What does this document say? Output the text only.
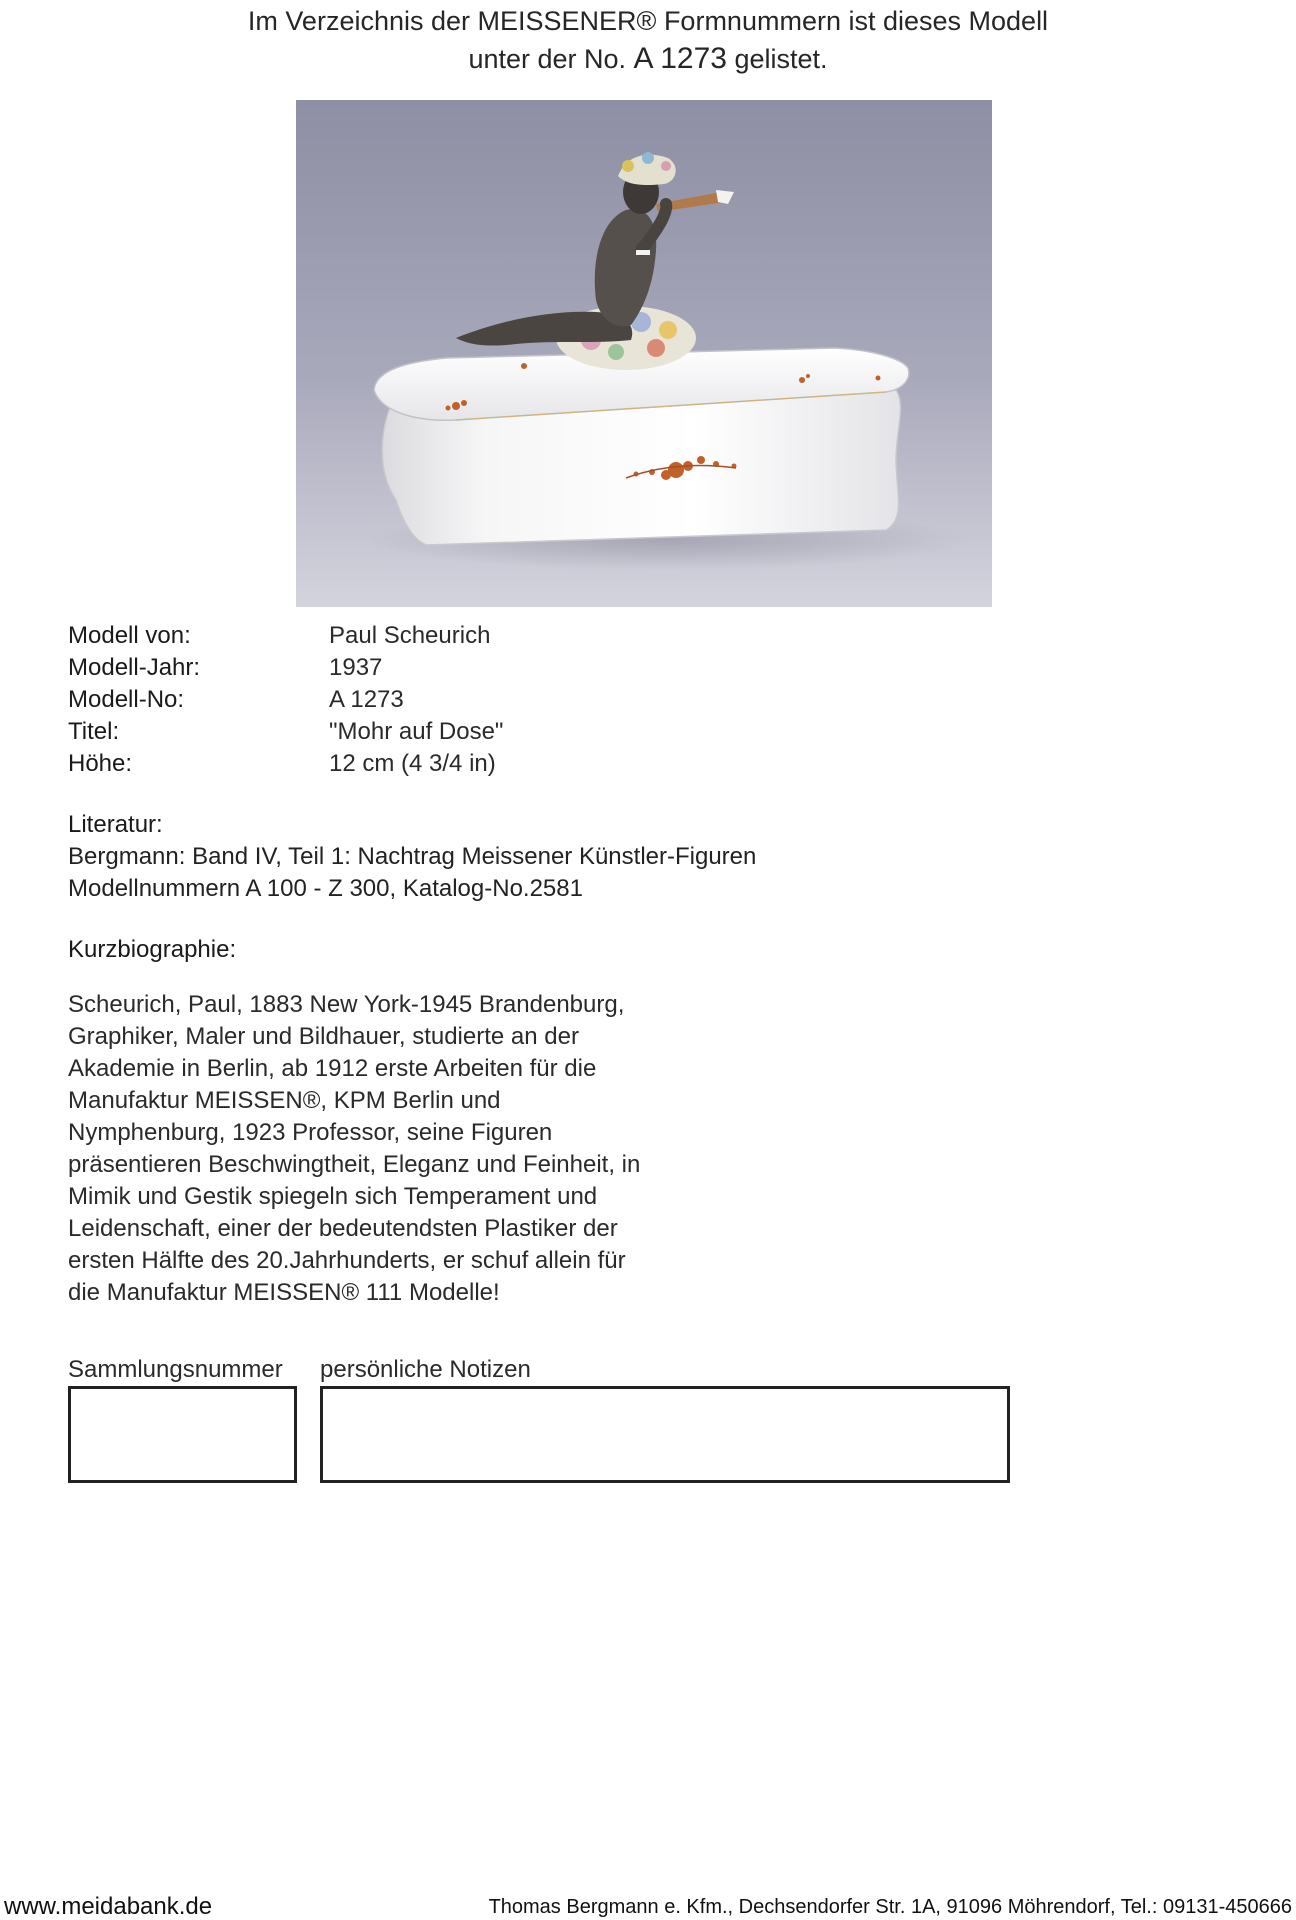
Im Verzeichnis der MEISSENER® Formnummern ist dieses Modell
unter der No. A 1273 gelistet.
Modell von:	Paul Scheurich
Modell-Jahr:	1937
Modell-No:	A 1273
Titel:	"Mohr auf Dose"
Höhe:	12 cm (4 3/4 in)
Literatur:
Bergmann: Band IV, Teil 1: Nachtrag Meissener Künstler-Figuren
Modellnummern A 100 - Z 300, Katalog-No.2581
Kurzbiographie:
Scheurich, Paul, 1883 New York-1945 Brandenburg,
Graphiker, Maler und Bildhauer, studierte an der
Akademie in Berlin, ab 1912 erste Arbeiten für die
Manufaktur MEISSEN®, KPM Berlin und
Nymphenburg, 1923 Professor, seine Figuren
präsentieren Beschwingtheit, Eleganz und Feinheit, in
Mimik und Gestik spiegeln sich Temperament und
Leidenschaft, einer der bedeutendsten Plastiker der
ersten Hälfte des 20.Jahrhunderts, er schuf allein für
die Manufaktur MEISSEN® 111 Modelle!
Sammlungsnummer persönliche Notizen
www.meidabank.de	Thomas Bergmann e. Kfm., Dechsendorfer Str. 1A, 91096 Möhrendorf, Tel.: 09131-450666
